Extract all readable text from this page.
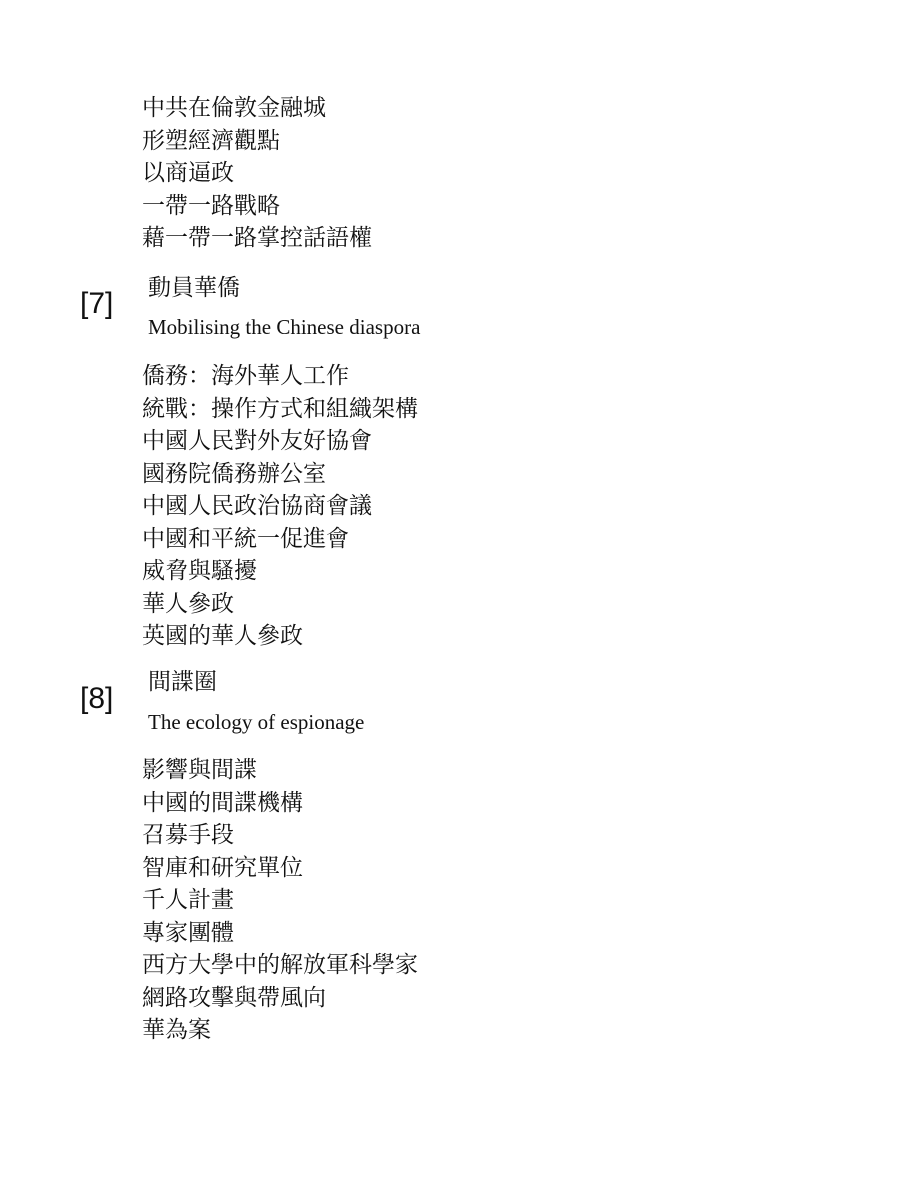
中共在倫敦金融城
形塑經濟觀點
以商逼政
一帶一路戰略
藉一帶一路掌控話語權
[7] 動員華僑
Mobilising the Chinese diaspora
僑務：海外華人工作
統戰：操作方式和組織架構
中國人民對外友好協會
國務院僑務辦公室
中國人民政治協商會議
中國和平統一促進會
威脅與騷擾
華人參政
英國的華人參政
[8] 間諜圈
The ecology of espionage
影響與間諜
中國的間諜機構
召募手段
智庫和研究單位
千人計畫
專家團體
西方大學中的解放軍科學家
網路攻擊與帶風向
華為案
